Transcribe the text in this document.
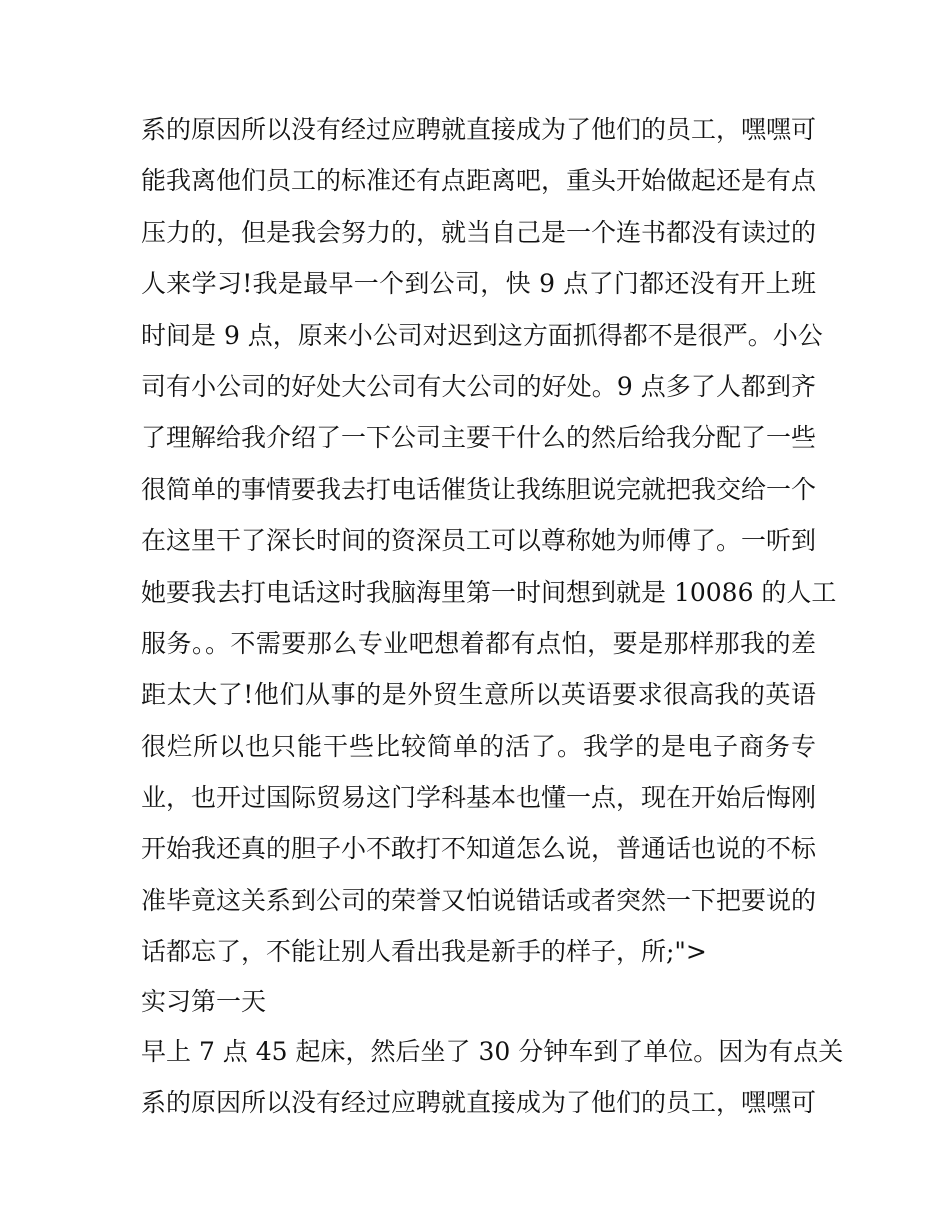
系的原因所以没有经过应聘就直接成为了他们的员工，嘿嘿可
能我离他们员工的标准还有点距离吧，重头开始做起还是有点
压力的，但是我会努力的，就当自己是一个连书都没有读过的
人来学习!我是最早一个到公司，快 9 点了门都还没有开上班
时间是 9 点，原来小公司对迟到这方面抓得都不是很严。小公
司有小公司的好处大公司有大公司的好处。9 点多了人都到齐
了理解给我介绍了一下公司主要干什么的然后给我分配了一些
很简单的事情要我去打电话催货让我练胆说完就把我交给一个
在这里干了深长时间的资深员工可以尊称她为师傅了。一听到
她要我去打电话这时我脑海里第一时间想到就是 10086 的人工
服务。。不需要那么专业吧想着都有点怕，要是那样那我的差
距太大了!他们从事的是外贸生意所以英语要求很高我的英语
很烂所以也只能干些比较简单的活了。我学的是电子商务专
业，也开过国际贸易这门学科基本也懂一点，现在开始后悔刚
开始我还真的胆子小不敢打不知道怎么说，普通话也说的不标
准毕竟这关系到公司的荣誉又怕说错话或者突然一下把要说的
话都忘了，不能让别人看出我是新手的样子，所;">
实习第一天
早上 7 点 45 起床，然后坐了 30 分钟车到了单位。因为有点关
系的原因所以没有经过应聘就直接成为了他们的员工，嘿嘿可
